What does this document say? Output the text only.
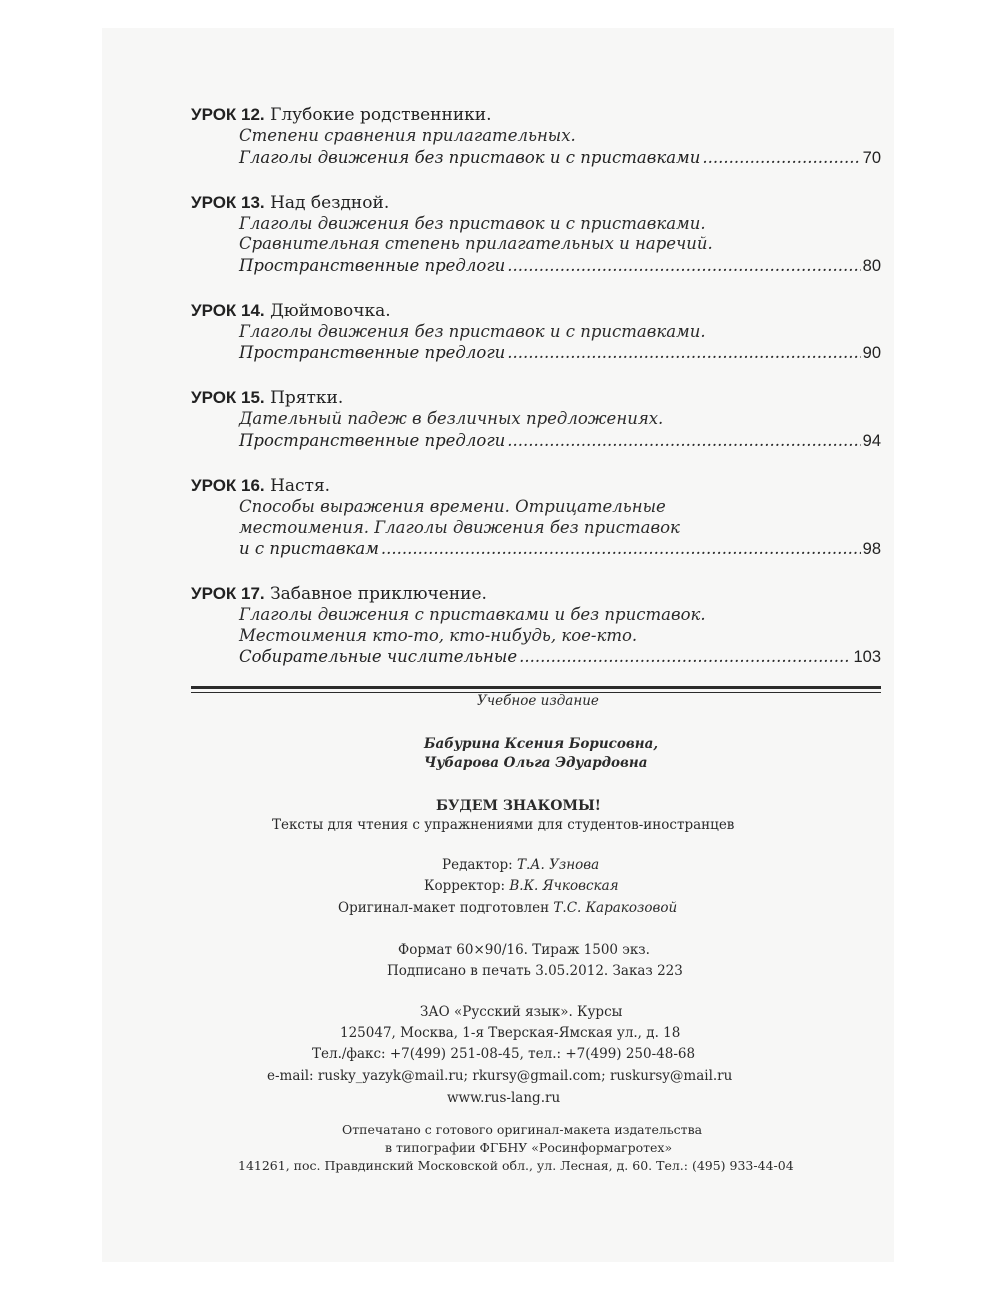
УРОК 12. Глубокие родственники.
Степени сравнения прилагательных.
Глаголы движения без приставок и с приставками .....	70
УРОК 13. Над бездной.
Глаголы движения без приставок и с приставками.
Сравнительная степень прилагательных и наречий.
Пространственные предлоги .....	80
УРОК 14. Дюймовочка.
Глаголы движения без приставок и с приставками.
Пространственные предлоги .....	90
УРОК 15. Прятки.
Дательный падеж в безличных предложениях.
Пространственные предлоги .....	94
УРОК 16. Настя.
Способы выражения времени. Отрицательные
местоимения. Глаголы движения без приставок
и с приставкам .....	98
УРОК 17. Забавное приключение.
Глаголы движения с приставками и без приставок.
Местоимения кто-то, кто-нибудь, кое-кто.
Собирательные числительные .....	103
Учебное издание
Бабурина Ксения Борисовна,
Чубарова Ольга Эдуардовна
БУДЕМ ЗНАКОМЫ!
Тексты для чтения с упражнениями для студентов-иностранцев
Редактор: Т.А. Узнова
Корректор: В.К. Ячковская
Оригинал-макет подготовлен Т.С. Каракозовой
Формат 60×90/16. Тираж 1500 экз.
Подписано в печать 3.05.2012. Заказ 223
ЗАО «Русский язык». Курсы
125047, Москва, 1-я Тверская-Ямская ул., д. 18
Тел./факс: +7(499) 251-08-45, тел.: +7(499) 250-48-68
e-mail: rusky_yazyk@mail.ru; rkursy@gmail.com; ruskursy@mail.ru
www.rus-lang.ru
Отпечатано с готового оригинал-макета издательства
в типографии ФГБНУ «Росинформагротех»
141261, пос. Правдинский Московской обл., ул. Лесная, д. 60. Тел.: (495) 933-44-04
